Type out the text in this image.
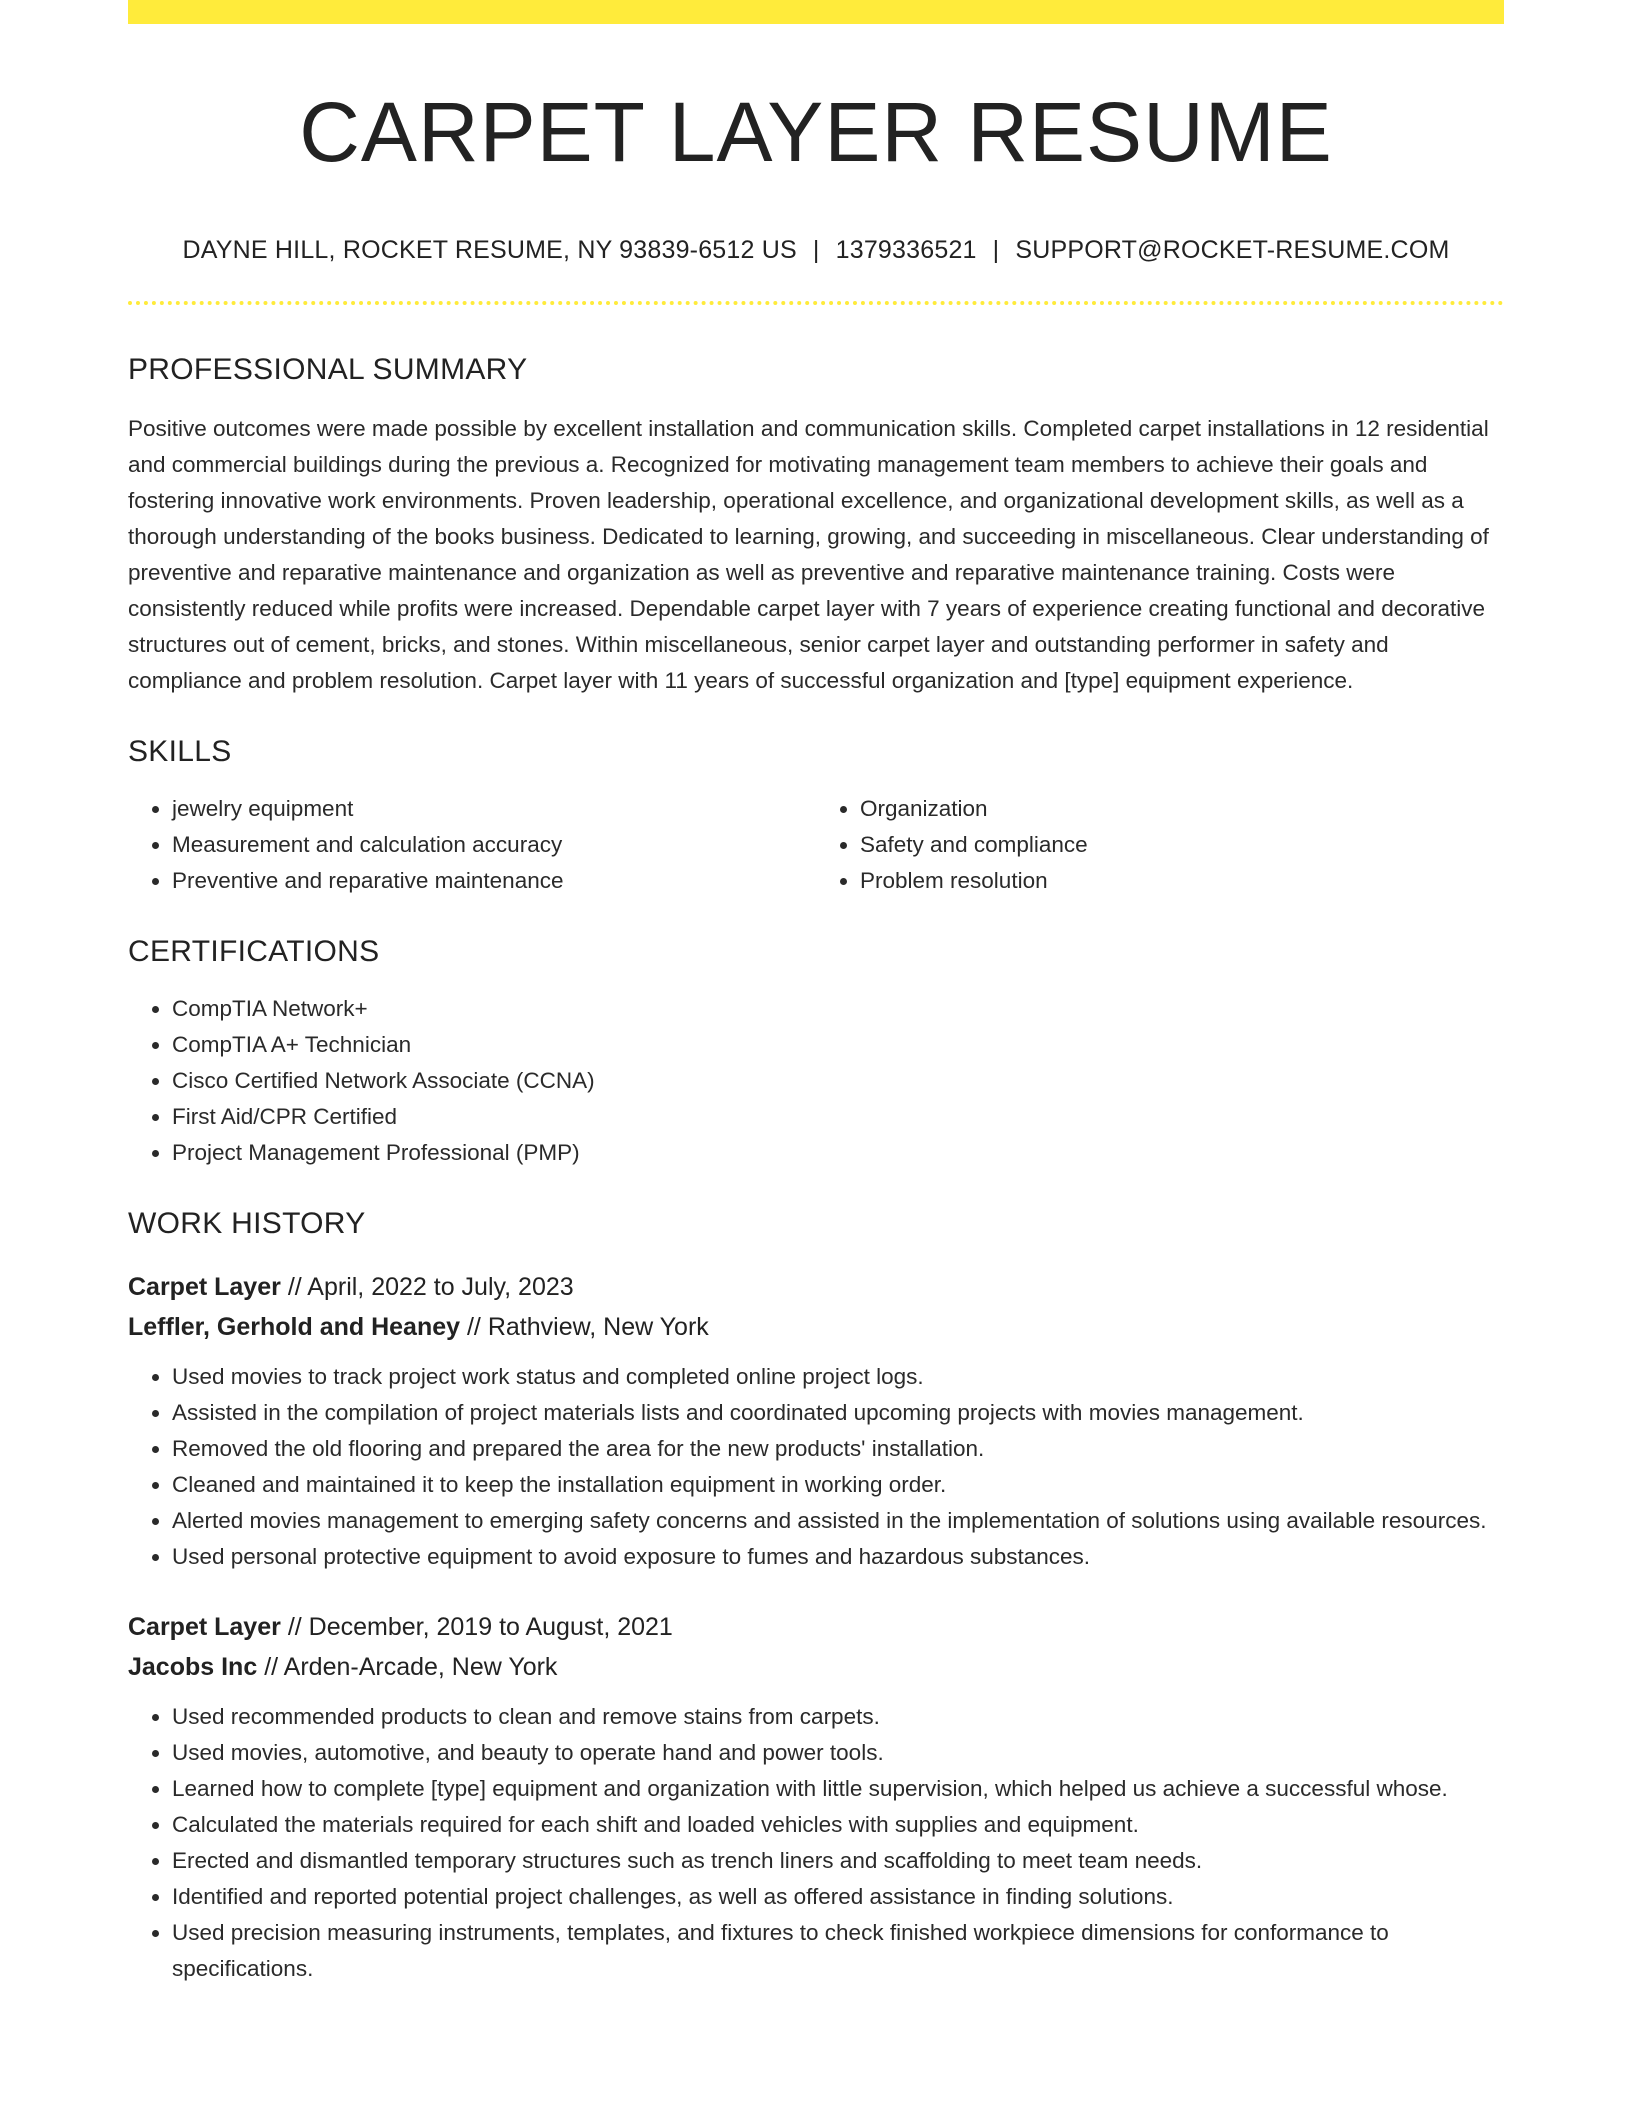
CARPET LAYER RESUME
DAYNE HILL, ROCKET RESUME, NY 93839-6512 US | 1379336521 | SUPPORT@ROCKET-RESUME.COM
PROFESSIONAL SUMMARY
Positive outcomes were made possible by excellent installation and communication skills. Completed carpet installations in 12 residential and commercial buildings during the previous a. Recognized for motivating management team members to achieve their goals and fostering innovative work environments. Proven leadership, operational excellence, and organizational development skills, as well as a thorough understanding of the books business. Dedicated to learning, growing, and succeeding in miscellaneous. Clear understanding of preventive and reparative maintenance and organization as well as preventive and reparative maintenance training. Costs were consistently reduced while profits were increased. Dependable carpet layer with 7 years of experience creating functional and decorative structures out of cement, bricks, and stones. Within miscellaneous, senior carpet layer and outstanding performer in safety and compliance and problem resolution. Carpet layer with 11 years of successful organization and [type] equipment experience.
SKILLS
• jewelry equipment
• Measurement and calculation accuracy
• Preventive and reparative maintenance
• Organization
• Safety and compliance
• Problem resolution
CERTIFICATIONS
• CompTIA Network+
• CompTIA A+ Technician
• Cisco Certified Network Associate (CCNA)
• First Aid/CPR Certified
• Project Management Professional (PMP)
WORK HISTORY
Carpet Layer // April, 2022 to July, 2023
Leffler, Gerhold and Heaney // Rathview, New York
• Used movies to track project work status and completed online project logs.
• Assisted in the compilation of project materials lists and coordinated upcoming projects with movies management.
• Removed the old flooring and prepared the area for the new products' installation.
• Cleaned and maintained it to keep the installation equipment in working order.
• Alerted movies management to emerging safety concerns and assisted in the implementation of solutions using available resources.
• Used personal protective equipment to avoid exposure to fumes and hazardous substances.
Carpet Layer // December, 2019 to August, 2021
Jacobs Inc // Arden-Arcade, New York
• Used recommended products to clean and remove stains from carpets.
• Used movies, automotive, and beauty to operate hand and power tools.
• Learned how to complete [type] equipment and organization with little supervision, which helped us achieve a successful whose.
• Calculated the materials required for each shift and loaded vehicles with supplies and equipment.
• Erected and dismantled temporary structures such as trench liners and scaffolding to meet team needs.
• Identified and reported potential project challenges, as well as offered assistance in finding solutions.
• Used precision measuring instruments, templates, and fixtures to check finished workpiece dimensions for conformance to specifications.
